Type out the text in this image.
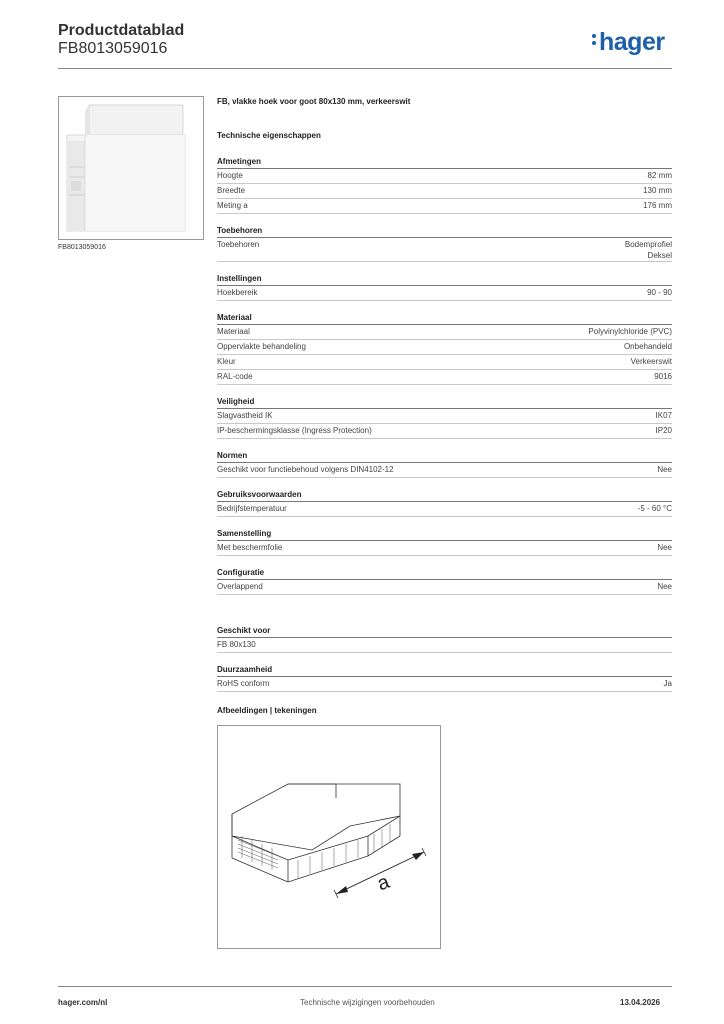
Productdatablad
FB8013059016	hager
FB8013059016
FB, vlakke hoek voor goot 80x130 mm, verkeerswit
Technische eigenschappen
Afmetingen
Hoogte	82 mm
Breedte	130 mm
Meting a	176 mm
Toebehoren
Toebehoren	Bodemprofiel
Deksel
Instellingen
Hoekbereik	90 - 90
Materiaal
Materiaal	Polyvinylchloride (PVC)
Oppervlakte behandeling	Onbehandeld
Kleur	Verkeerswit
RAL-code	9016
Veiligheid
Slagvastheid IK	IK07
IP-beschermingsklasse (Ingress Protection)	IP20
Normen
Geschikt voor functiebehoud volgens DIN4102-12	Nee
Gebruiksvoorwaarden
Bedrijfstemperatuur	-5 - 60 °C
Samenstelling
Met beschermfolie	Nee
Configuratie
Overlappend	Nee
Geschikt voor
FB 80x130
Duurzaamheid
RoHS conform	Ja
Afbeeldingen | tekeningen
a
hager.com/nl	Technische wijzigingen voorbehouden	13.04.2026
